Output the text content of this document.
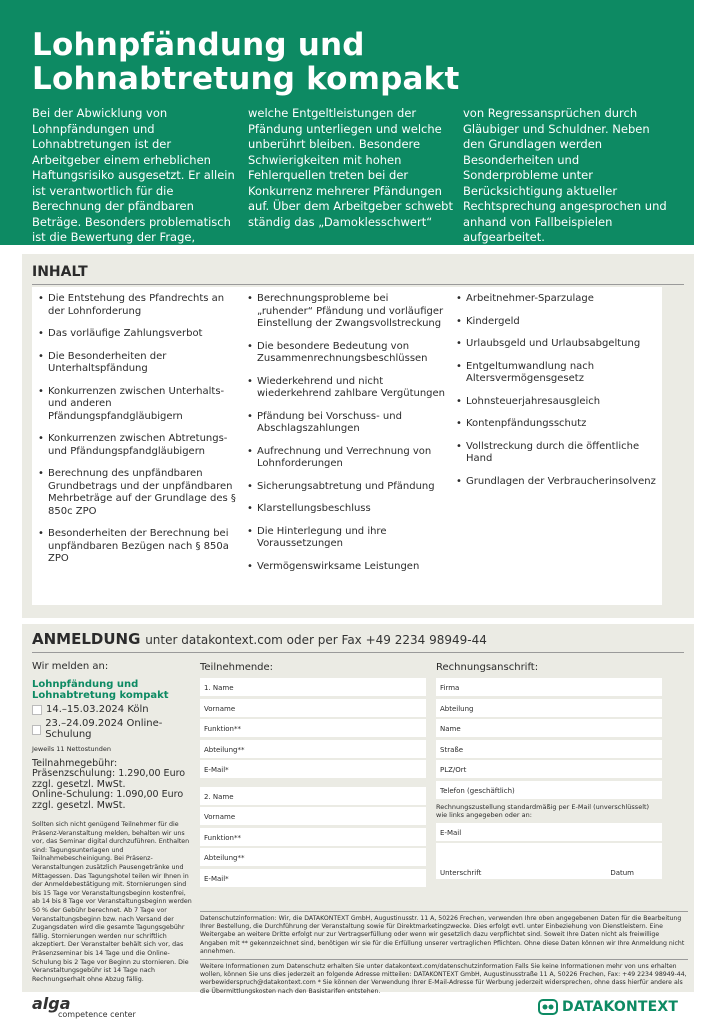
Lohnpfändung und
Lohnabtretung kompakt
Bei der Abwicklung von Lohnpfändungen und Lohnabtretungen ist der Arbeitgeber einem erheblichen Haftungsrisiko ausgesetzt. Er allein ist verantwortlich für die Berechnung der pfändbaren Beträge. Besonders problematisch ist die Bewertung der Frage,
welche Entgeltleistungen der Pfändung unterliegen und welche unberührt bleiben. Besondere Schwierigkeiten mit hohen Fehlerquellen treten bei der Konkurrenz mehrerer Pfändungen auf. Über dem Arbeitgeber schwebt ständig das „Damoklesschwert“
von Regressansprüchen durch Gläubiger und Schuldner. Neben den Grundlagen werden Besonderheiten und Sonderprobleme unter Berücksichtigung aktueller Rechtsprechung angesprochen und anhand von Fallbeispielen aufgearbeitet.
INHALT
• Die Entstehung des Pfandrechts an der Lohnforderung
• Das vorläufige Zahlungsverbot
• Die Besonderheiten der Unterhaltspfändung
• Konkurrenzen zwischen Unterhalts- und anderen Pfändungspfandgläubigern
• Konkurrenzen zwischen Abtretungs- und Pfändungspfandgläubigern
• Berechnung des unpfändbaren Grundbetrags und der unpfändbaren Mehrbeträge auf der Grundlage des § 850c ZPO
• Besonderheiten der Berechnung bei unpfändbaren Bezügen nach § 850a ZPO
• Berechnungsprobleme bei „ruhender“ Pfändung und vorläufiger Einstellung der Zwangsvollstreckung
• Die besondere Bedeutung von Zusammenrechnungsbeschlüssen
• Wiederkehrend und nicht wiederkehrend zahlbare Vergütungen
• Pfändung bei Vorschuss- und Abschlagszahlungen
• Aufrechnung und Verrechnung von Lohnforderungen
• Sicherungsabtretung und Pfändung
• Klarstellungsbeschluss
• Die Hinterlegung und ihre Voraussetzungen
• Vermögenswirksame Leistungen
• Arbeitnehmer-Sparzulage
• Kindergeld
• Urlaubsgeld und Urlaubsabgeltung
• Entgeltumwandlung nach Altersvermögensgesetz
• Lohnsteuerjahresausgleich
• Kontenpfändungsschutz
• Vollstreckung durch die öffentliche Hand
• Grundlagen der Verbraucherinsolvenz
ANMELDUNG unter datakontext.com oder per Fax +49 2234 98949-44
Wir melden an:
Lohnpfändung und
Lohnabtretung kompakt
14.–15.03.2024 Köln
23.–24.09.2024 Online-Schulung
Jeweils 11 Nettostunden
Teilnahmegebühr:
Präsenzschulung: 1.290,00 Euro
zzgl. gesetzl. MwSt.
Online-Schulung: 1.090,00 Euro
zzgl. gesetzl. MwSt.
Sollten sich nicht genügend Teilnehmer für die Präsenz-Veranstaltung melden, behalten wir uns vor, das Seminar digital durchzuführen. Enthalten sind: Tagungsunterlagen und Teilnahmebescheinigung. Bei Präsenz-Veranstaltungen zusätzlich Pausengetränke und Mittagessen. Das Tagungshotel teilen wir Ihnen in der Anmeldebestätigung mit. Stornierungen sind bis 15 Tage vor Veranstaltungsbeginn kostenfrei, ab 14 bis 8 Tage vor Veranstaltungsbeginn werden 50 % der Gebühr berechnet. Ab 7 Tage vor Veranstaltungsbeginn bzw. nach Versand der Zugangsdaten wird die gesamte Tagungsgebühr fällig. Stornierungen werden nur schriftlich akzeptiert. Der Veranstalter behält sich vor, das Präsenzseminar bis 14 Tage und die Online-Schulung bis 2 Tage vor Beginn zu stornieren. Die Veranstaltungsgebühr ist 14 Tage nach Rechnungserhalt ohne Abzug fällig.
Teilnehmende:
1. Name
Vorname
Funktion**
Abteilung**
E-Mail*
2. Name
Vorname
Funktion**
Abteilung**
E-Mail*
Rechnungsanschrift:
Firma
Abteilung
Name
Straße
PLZ/Ort
Telefon (geschäftlich)
Rechnungszustellung standardmäßig per E-Mail (unverschlüsselt) wie links angegeben oder an:
E-Mail
Unterschrift	Datum
Datenschutzinformation: Wir, die DATAKONTEXT GmbH, Augustinusstr. 11 A, 50226 Frechen, verwenden Ihre oben angegebenen Daten für die Bearbeitung Ihrer Bestellung, die Durchführung der Veranstaltung sowie für Direktmarketingzwecke. Dies erfolgt evtl. unter Einbeziehung von Dienstleistern. Eine Weitergabe an weitere Dritte erfolgt nur zur Vertragserfüllung oder wenn wir gesetzlich dazu verpflichtet sind. Soweit Ihre Daten nicht als freiwillige Angaben mit ** gekennzeichnet sind, benötigen wir sie für die Erfüllung unserer vertraglichen Pflichten. Ohne diese Daten können wir Ihre Anmeldung nicht annehmen.
Weitere Informationen zum Datenschutz erhalten Sie unter datakontext.com/datenschutzinformation Falls Sie keine Informationen mehr von uns erhalten wollen, können Sie uns dies jederzeit an folgende Adresse mitteilen: DATAKONTEXT GmbH, Augustinusstraße 11 A, 50226 Frechen, Fax: +49 2234 98949-44, werbewiderspruch@datakontext.com * Sie können der Verwendung Ihrer E-Mail-Adresse für Werbung jederzeit widersprechen, ohne dass hierfür andere als die Übermittlungskosten nach den Basistarifen entstehen.
alga
competence center	DATAKONTEXT
